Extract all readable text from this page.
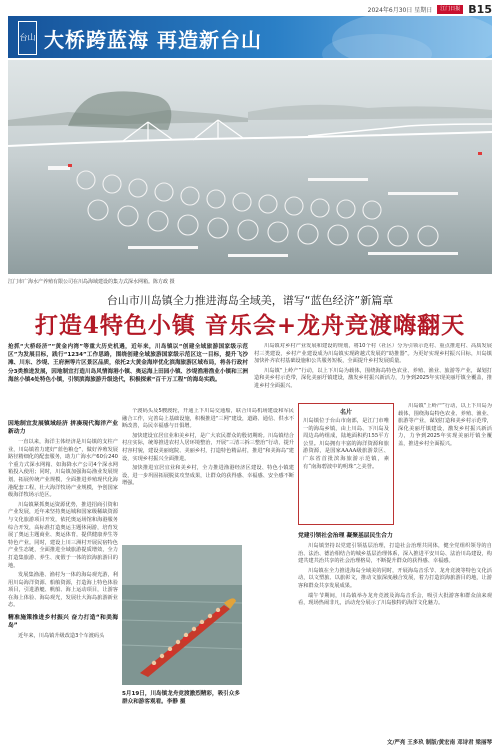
2024年6月30日 星期日	江门日报 B15
台山 大桥跨蓝海 再造新台山
江门市广海水产养殖有限公司在川岛海域建设的集力式深水网箱。陈方政 摄
台山市川岛镇全力推进海岛全域美，谱写“蓝色经济”新篇章
打造4特色小镇 音乐会+龙舟竞渡嗨翻天
抢抓“大桥经济”“黄金内湾”等重大历史机遇，近年来，川岛镇以“创建全域旅游国家级示范区”为发展目标，践行“1234”工作思路，围绕创建全域旅游国家级示范区这一目标，提升飞沙滩、川东、沙堤、王府洲等片区景区品质，依托2大黄金海岸优化滨海旅游区域布局，将各行政村分3类推进发展，因地制宜打造川岛风情海港小镇、奥运海上田园小镇、沙堤渔港渔业小镇和三洲海丝小镇4处特色小镇，引领滨海旅游升级迭代，积极探索“百千万工程”的海岛实践。
因地制宜发展镇域经济 拼凑现代海洋产业新动力

一直以来，海洋主体经济是川岛镇的支柱产业，川岛镇着力建好“蓝色粮仓”，做好养殖发展路径精细化的配套服务，助力广海水产60台240个重力式深水网箱、如海降水产公司4个深水网箱投入使用；同时，川岛镇加强海岛渔业发展规划，拓展传统产业规模，全面推进养殖现代化海港配套工程，壮大海洋牧场产业规模，争创国家级海洋牧场示范区。

川岛镇紧抓奥运资源优势，推进招商引资和产业发展，近年来坚持奥运城和国家级稀缺资源与文化旅游项目开发，依托奥运场馆和海港服务综合开发，高标准打造奥运主题休闲游，培育发展了奥运主题商业、奥运体育，提供健康养生等特色产业。同时，建设上川三洲村开展民宿特色产业生态链，全面推进全域旅游提质增效，全力打造集旅游、养生、度假于一体的滨海旅游目的地。

发展集渔港、渔村为一体的海岛观光游，利用川岛海洋资源、船舶资源，打造海上特色体验项目，引进游艇、帆船、海上运动项目，让游客在海上体验、海岛观光，发展壮大海岛旅游新业态。

精准施策推进乡村振兴 奋力打造“和美海岛”

近年来，川岛镇升级改造3个车渡码头

个渡码头及5艘渡轮，开通上下川岛交通船，联合川岛机场建设和军民融合工作，完善岛上基础设施，积极推进“三网”建设，道路、通信、供水不断改善，岛民幸福感与日俱增。

加快建设宜居宜业和美乡村，是广大农民群众的殷切期盼。川岛镇结合村庄实际，统筹推进农村人居环境整治，开展“三清三拆三整治”行动，提升村容村貌，建设美丽庭院、美丽乡村，打造特色精品村，推进“和美海岛”建设，实现乡村振兴全面推进。

加快推进宜居宜业和美乡村，全力推进渔港经济区建设、特色小镇建设，进一步巩固拓展脱贫攻坚成果，让群众的获得感、幸福感、安全感不断增强。

名片
川岛镇位于台山市南部，是江门市唯一的海岛乡镇，由上川岛、下川岛及周边岛屿组成，陆地面积约155平方公里。川岛拥有丰富的海洋资源和旅游资源，是国家AAAA级旅游景区、广东省首批滨海旅游示范镇，素有“南海碧波中的明珠”之美誉。

川岛镇对乡村产业发展和建设的规划，将10个村（社区）分为引领示范村、重点推进村、高质发展村三类建设，乡村产业建设成为川岛镇实现跨越式发展的“助推器”。为更好实现乡村振兴目标，川岛镇加快补齐农村基础设施和公共服务短板，全面提升乡村发展质量。

川岛镇“上岭产”行动，以上下川岛为载体，围绕海岛特色农业、养殖、渔业、旅游等产业，谋划打造和美乡村示范带，深化美丽圩镇建设，激发乡村振兴新活力，力争到2025年实现美丽圩镇全覆盖，推进乡村全面振兴。

川岛镇“上岭产”行动，以上下川岛为载体，围绕海岛特色农业、养殖、渔业、旅游等产业，谋划打造和美乡村示范带，深化美丽圩镇建设，激发乡村振兴新活力，力争到2025年实现美丽圩镇全覆盖，推进乡村全面振兴。

党建引领社会治理 凝聚基层民生合力

川岛镇坚持以党建引领基层治理，打造社会治理共同体，健全党组织领导的自治、法治、德治相结合的城乡基层治理体系，深入推进平安川岛、法治川岛建设，构建共建共治共享的社会治理格局，不断提升群众的获得感、幸福感。

川岛镇在全力推进海岛全域美的同时，开展海岛音乐节、龙舟竞渡等特色文化活动，以文塑旅、以旅彰文，推动文旅深度融合发展，着力打造滨海旅游目的地，让游客和群众共享发展成果。

端午节期间，川岛镇举办龙舟竞渡及海岛音乐会，吸引大批游客和群众前来观看，现场热闹非凡，活动充分展示了川岛独特的海洋文化魅力。

5月19日，川岛镇龙舟竞渡激烈精彩，吸引众多群众和游客观看。李静 摄
文/严亮 王多玖 制版/黄宏南 邓诗君 梁丽琴
